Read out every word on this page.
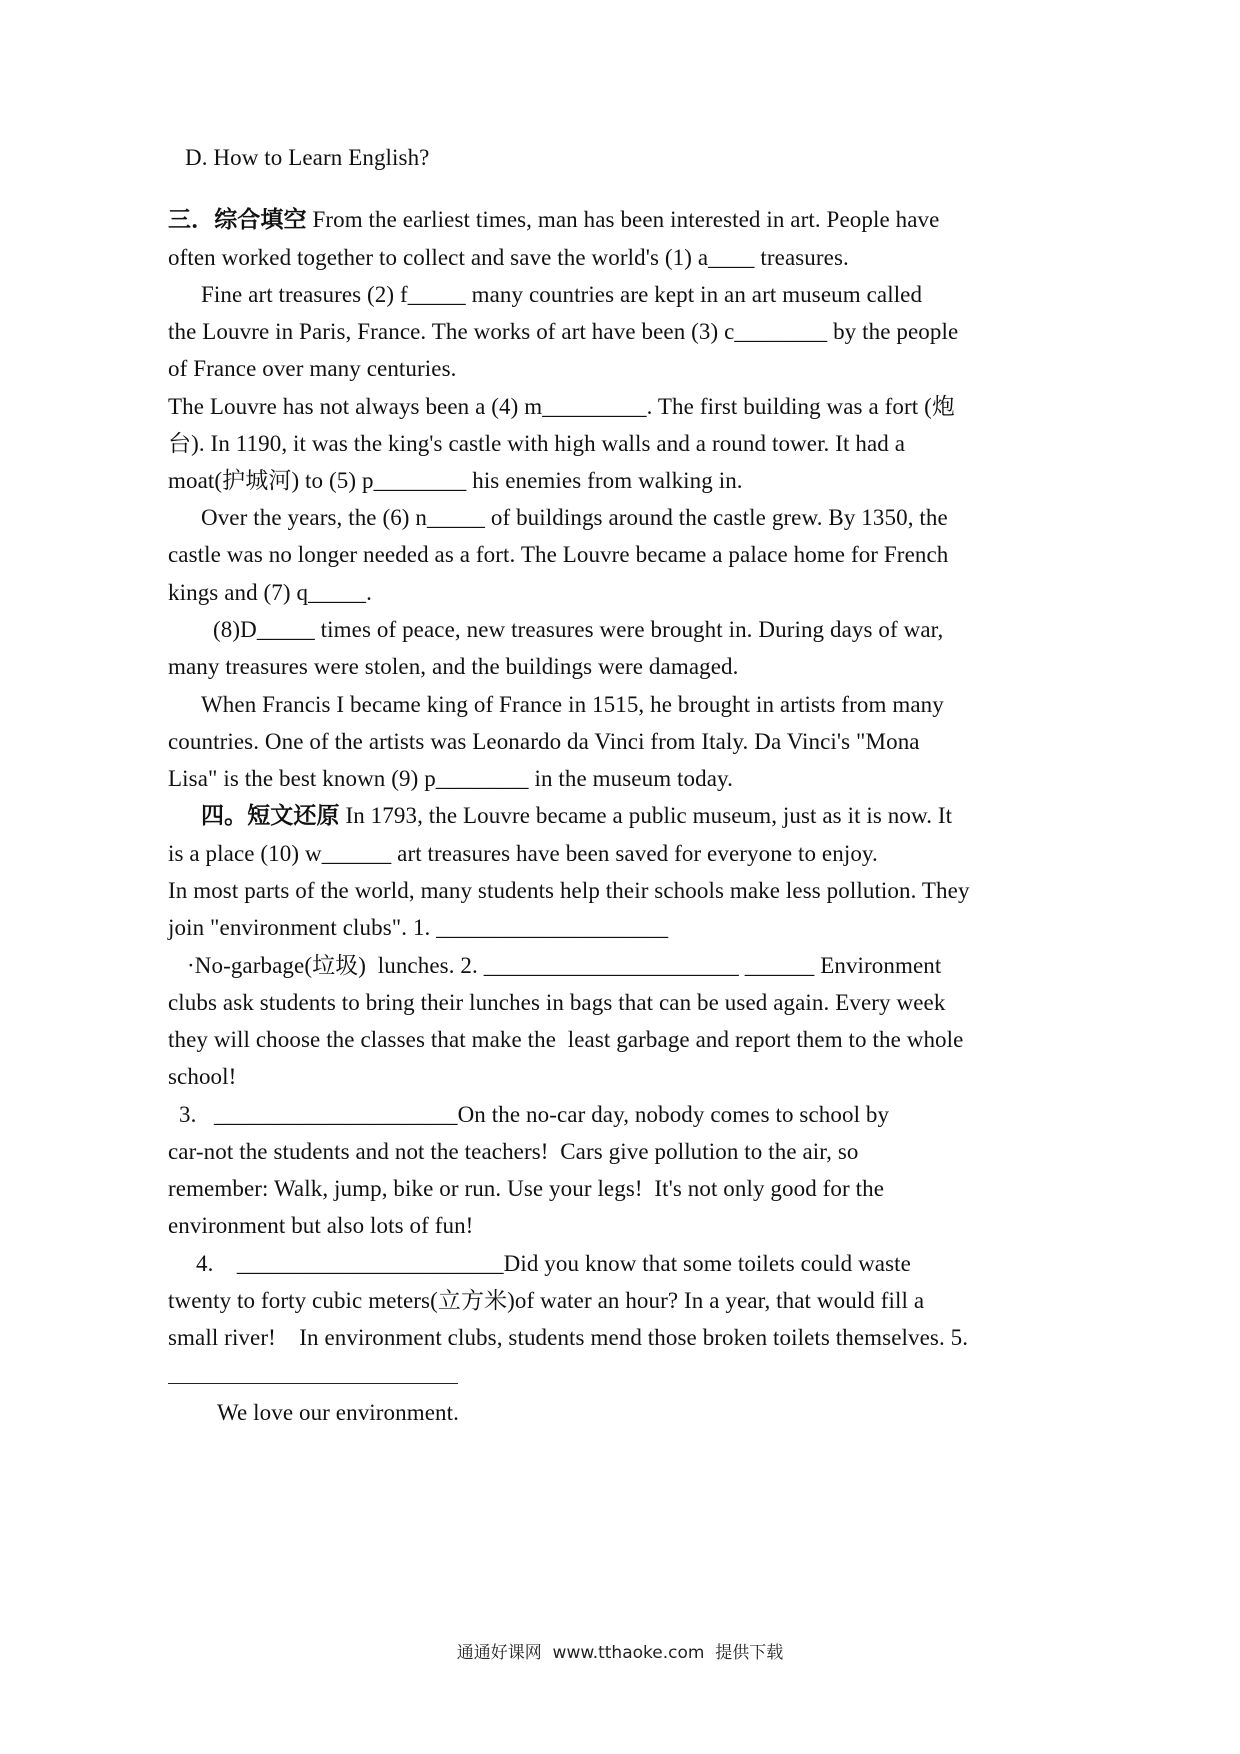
D. How to Learn English?
三．综合填空 From the earliest times, man has been interested in art. People have
often worked together to collect and save the world's (1) a____ treasures.
Fine art treasures (2) f_____ many countries are kept in an art museum called
the Louvre in Paris, France. The works of art have been (3) c________ by the people
of France over many centuries.
The Louvre has not always been a (4) m_________. The first building was a fort (炮
台). In 1190, it was the king's castle with high walls and a round tower. It had a
moat(护城河) to (5) p________ his enemies from walking in.
Over the years, the (6) n_____ of buildings around the castle grew. By 1350, the
castle was no longer needed as a fort. The Louvre became a palace home for French
kings and (7) q_____.
(8)D_____ times of peace, new treasures were brought in. During days of war,
many treasures were stolen, and the buildings were damaged.
When Francis I became king of France in 1515, he brought in artists from many
countries. One of the artists was Leonardo da Vinci from Italy. Da Vinci's "Mona
Lisa" is the best known (9) p________ in the museum today.
四。短文还原 In 1793, the Louvre became a public museum, just as it is now. It
is a place (10) w______ art treasures have been saved for everyone to enjoy.
In most parts of the world, many students help their schools make less pollution. They
join "environment clubs". 1. ____________________
·No-garbage(垃圾)  lunches. 2. ______________________ ______ Environment
clubs ask students to bring their lunches in bags that can be used again. Every week
they will choose the classes that make the  least garbage and report them to the whole
school!
3.   _____________________On the no-car day, nobody comes to school by
car-not the students and not the teachers!  Cars give pollution to the air, so
remember: Walk, jump, bike or run. Use your legs!  It's not only good for the
environment but also lots of fun!
4.    _______________________Did you know that some toilets could waste
twenty to forty cubic meters(立方米)of water an hour? In a year, that would fill a
small river!    In environment clubs, students mend those broken toilets themselves. 5.
We love our environment.
通通好课网  www.tthaoke.com  提供下载
